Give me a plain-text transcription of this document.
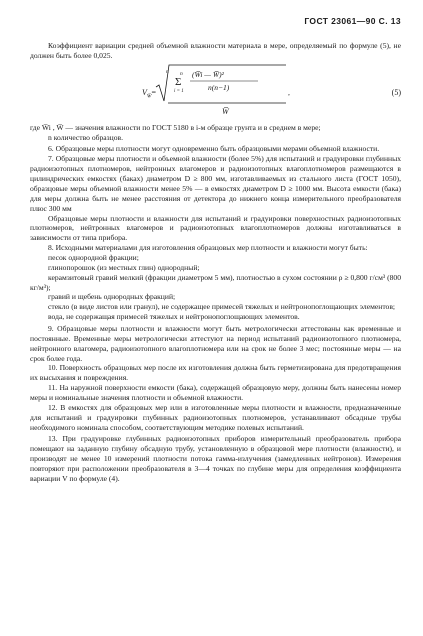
ГОСТ 23061—90 С. 13

Коэффициент вариации средней объемной влажности материала в мере, определяемый по формуле (5), не должен быть более 0,025.

$V_{W̅}=$
n n
Σ
i = 1
(W̅i — W̅)²
n(n−1)
W̅
,	(5)

где W̅i , W̅ — значения влажности по ГОСТ 5180 в i-м образце грунта и в среднем в мере;

n количество образцов.

6. Образцовые меры плотности могут одновременно быть образцовыми мерами объемной влажности.

7. Образцовые меры плотности и объемной влажности (более 5%) для испытаний и градуировки глубинных радиоизотопных плотномеров, нейтронных влагомеров и радиоизотопных влагоплотномеров размещаются в цилиндрических емкостях (баках) диаметром D ≥ 800 мм, изготавливаемых из стального листа (ГОСТ 1050), образцовые меры объемной влажности менее 5% — в емкостях диаметром D ≥ 1000 мм. Высота емкости (бака) для меры должна быть не менее расстояния от детектора до нижнего конца измерительного преобразователя плюс 300 мм

Образцовые меры плотности и влажности для испытаний и градуировки поверхностных радиоизотопных плотномеров, нейтронных влагомеров и радиоизотопных влагоплотномеров должны изготавливаться в зависимости от типа прибора.

8. Исходными материалами для изготовления образцовых мер плотности и влажности могут быть:

песок однородной фракции;

глинопорошок (из местных глин) однородный;

керамзитовый гравий мелкий (фракции диаметром 5 мм), плотностью в сухом состоянии ρ ≥ 0,800 г/см³ (800 кг/м³);

гравий и щебень однородных фракций;

стекло (в виде листов или гранул), не содержащее примесей тяжелых и нейтронопоглощающих элементов;

вода, не содержащая примесей тяжелых и нейтронопоглощающих элементов.

9. Образцовые меры плотности и влажности могут быть метрологически аттестованы как временные и постоянные. Временные меры метрологически аттестуют на период испытаний радиоизотопного плотномера, нейтронного влагомера, радиоизотопного влагоплотномера или на срок не более 3 мес; постоянные меры — на срок более года.

10. Поверхность образцовых мер после их изготовления должна быть герметизирована для предотвращения их высыхания и повреждения.

11. На наружной поверхности емкости (бака), содержащей образцовую меру, должны быть нанесены номер меры и номинальные значения плотности и объемной влажности.

12. В емкостях для образцовых мер или в изготовленные меры плотности и влажности, предназначенные для испытаний и градуировки глубинных радиоизотопных плотномеров, устанавливают обсадные трубы необходимого номинала способом, соответствующим методике полевых испытаний.

13. При градуировке глубинных радиоизотопных приборов измерительный преобразователь прибора помещают на заданную глубину обсадную трубу, установленную в образцовой мере плотности (влажности), и производят не менее 10 измерений плотности потока гамма-излучения (замедленных нейтронов). Измерения повторяют при расположении преобразователя в 3—4 точках по глубине меры для определения коэффициента вариации V по формуле (4).
